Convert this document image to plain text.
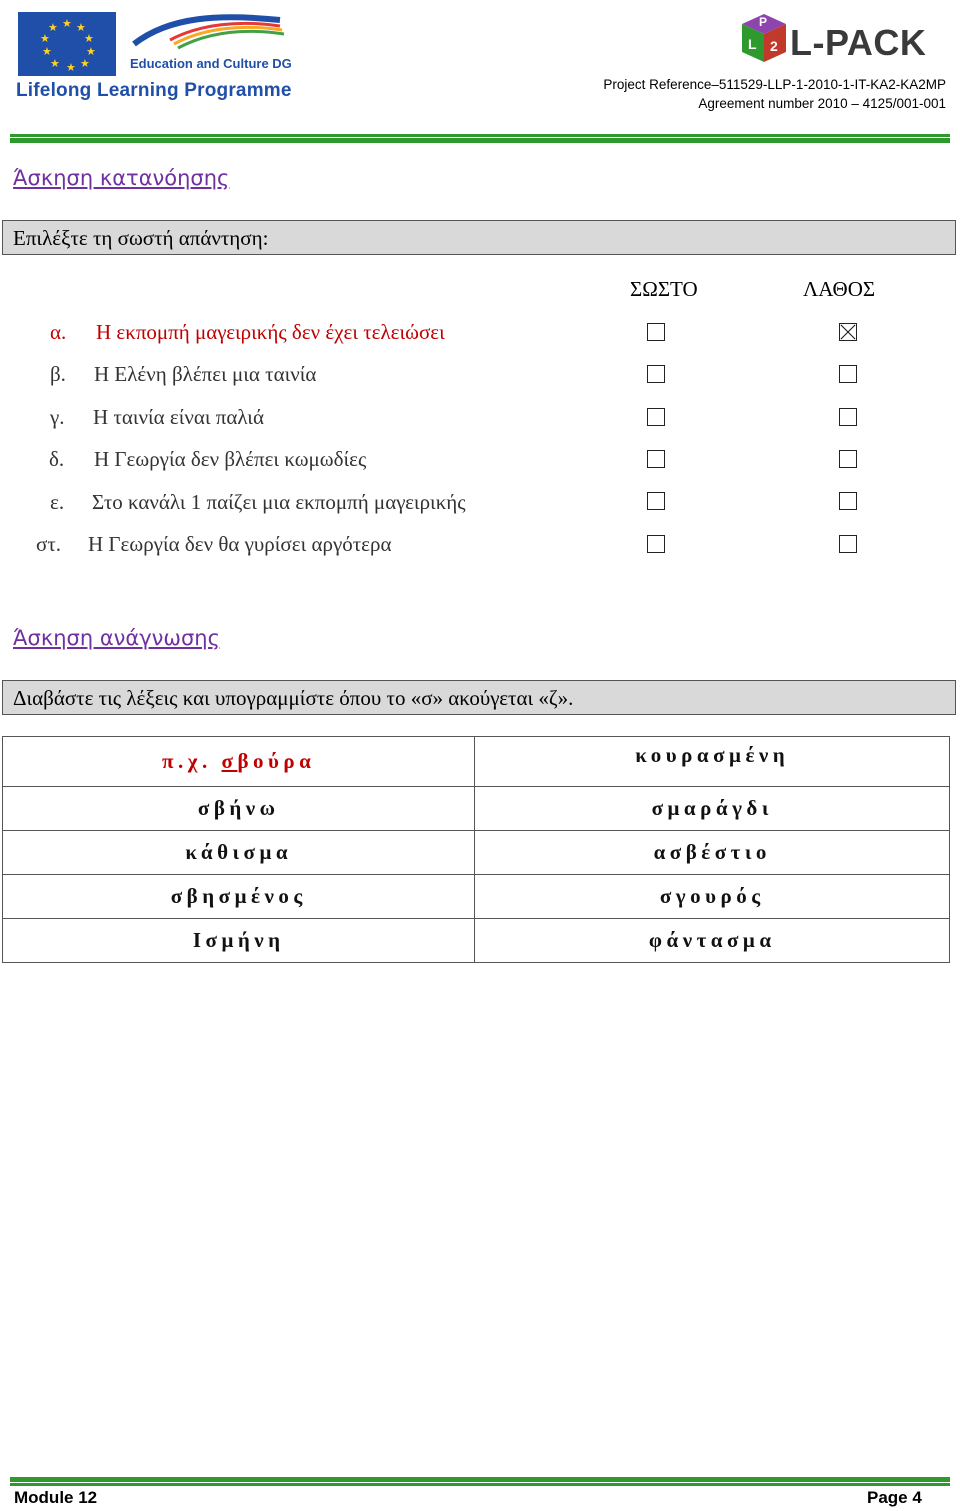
★ ★
★
★
★
★
★
★
★
★
Education and Culture DG
Lifelong Learning Programme
P
L 2 L-PACK
Project Reference–511529-LLP-1-2010-1-IT-KA2-KA2MP
Agreement number 2010 – 4125/001-001
Άσκηση κατανόησης
Επιλέξτε τη σωστή απάντηση:
ΣΩΣΤΟ	ΛΑΘΟΣ
α. Η εκπομπή μαγειρικής δεν έχει τελειώσει
β. Η Ελένη βλέπει μια ταινία
γ. Η ταινία είναι παλιά
δ. Η Γεωργία δεν βλέπει κωμωδίες
ε. Στο κανάλι 1 παίζει μια εκπομπή μαγειρικής
στ. Η Γεωργία δεν θα γυρίσει αργότερα
Άσκηση ανάγνωσης
Διαβάστε τις λέξεις και υπογραμμίστε όπου το «σ» ακούγεται «ζ».
π.χ. σβούρα	κουρασμένη
σβήνω	σμαράγδι
κάθισμα	ασβέστιο
σβησμένος	σγουρός
Ισμήνη	φάντασμα
Module 12	Page 4
